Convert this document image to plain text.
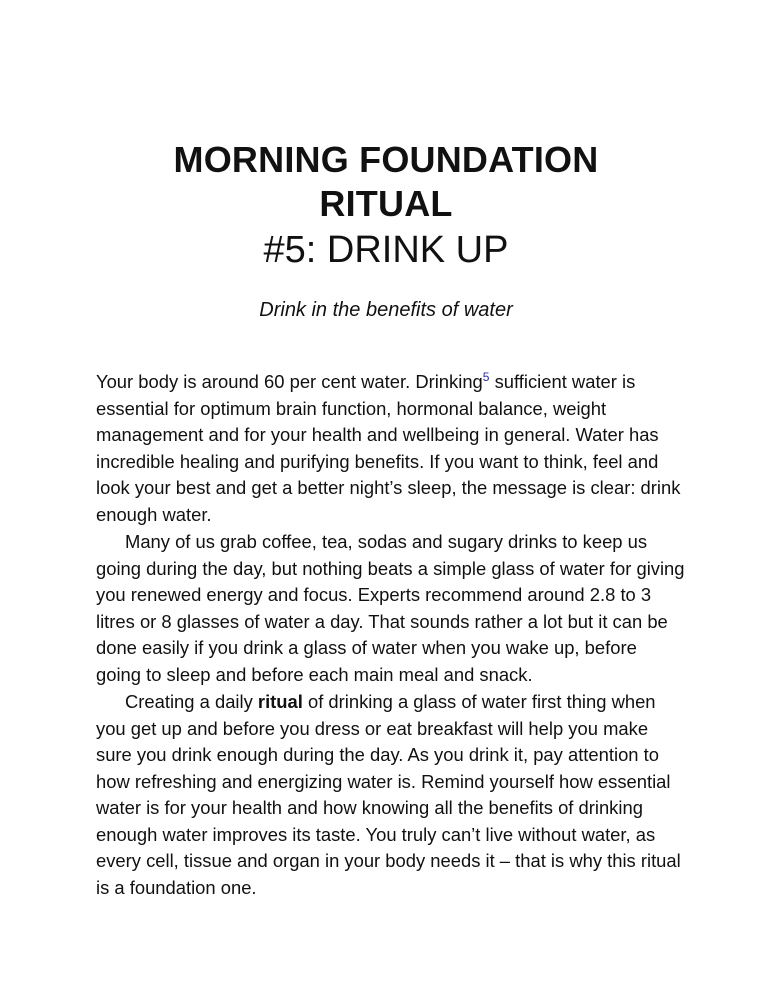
MORNING FOUNDATION
RITUAL
#5: DRINK UP
Drink in the benefits of water

Your body is around 60 per cent water. Drinking$^5$ sufficient water is essential for optimum brain function, hormonal balance, weight management and for your health and wellbeing in general. Water has incredible healing and purifying benefits. If you want to think, feel and look your best and get a better night’s sleep, the message is clear: drink enough water.

Many of us grab coffee, tea, sodas and sugary drinks to keep us going during the day, but nothing beats a simple glass of water for giving you renewed energy and focus. Experts recommend around 2.8 to 3 litres or 8 glasses of water a day. That sounds rather a lot but it can be done easily if you drink a glass of water when you wake up, before going to sleep and before each main meal and snack.

Creating a daily ritual of drinking a glass of water first thing when you get up and before you dress or eat breakfast will help you make sure you drink enough during the day. As you drink it, pay attention to how refreshing and energizing water is. Remind yourself how essential water is for your health and how knowing all the benefits of drinking enough water improves its taste. You truly can’t live without water, as every cell, tissue and organ in your body needs it – that is why this ritual is a foundation one.
